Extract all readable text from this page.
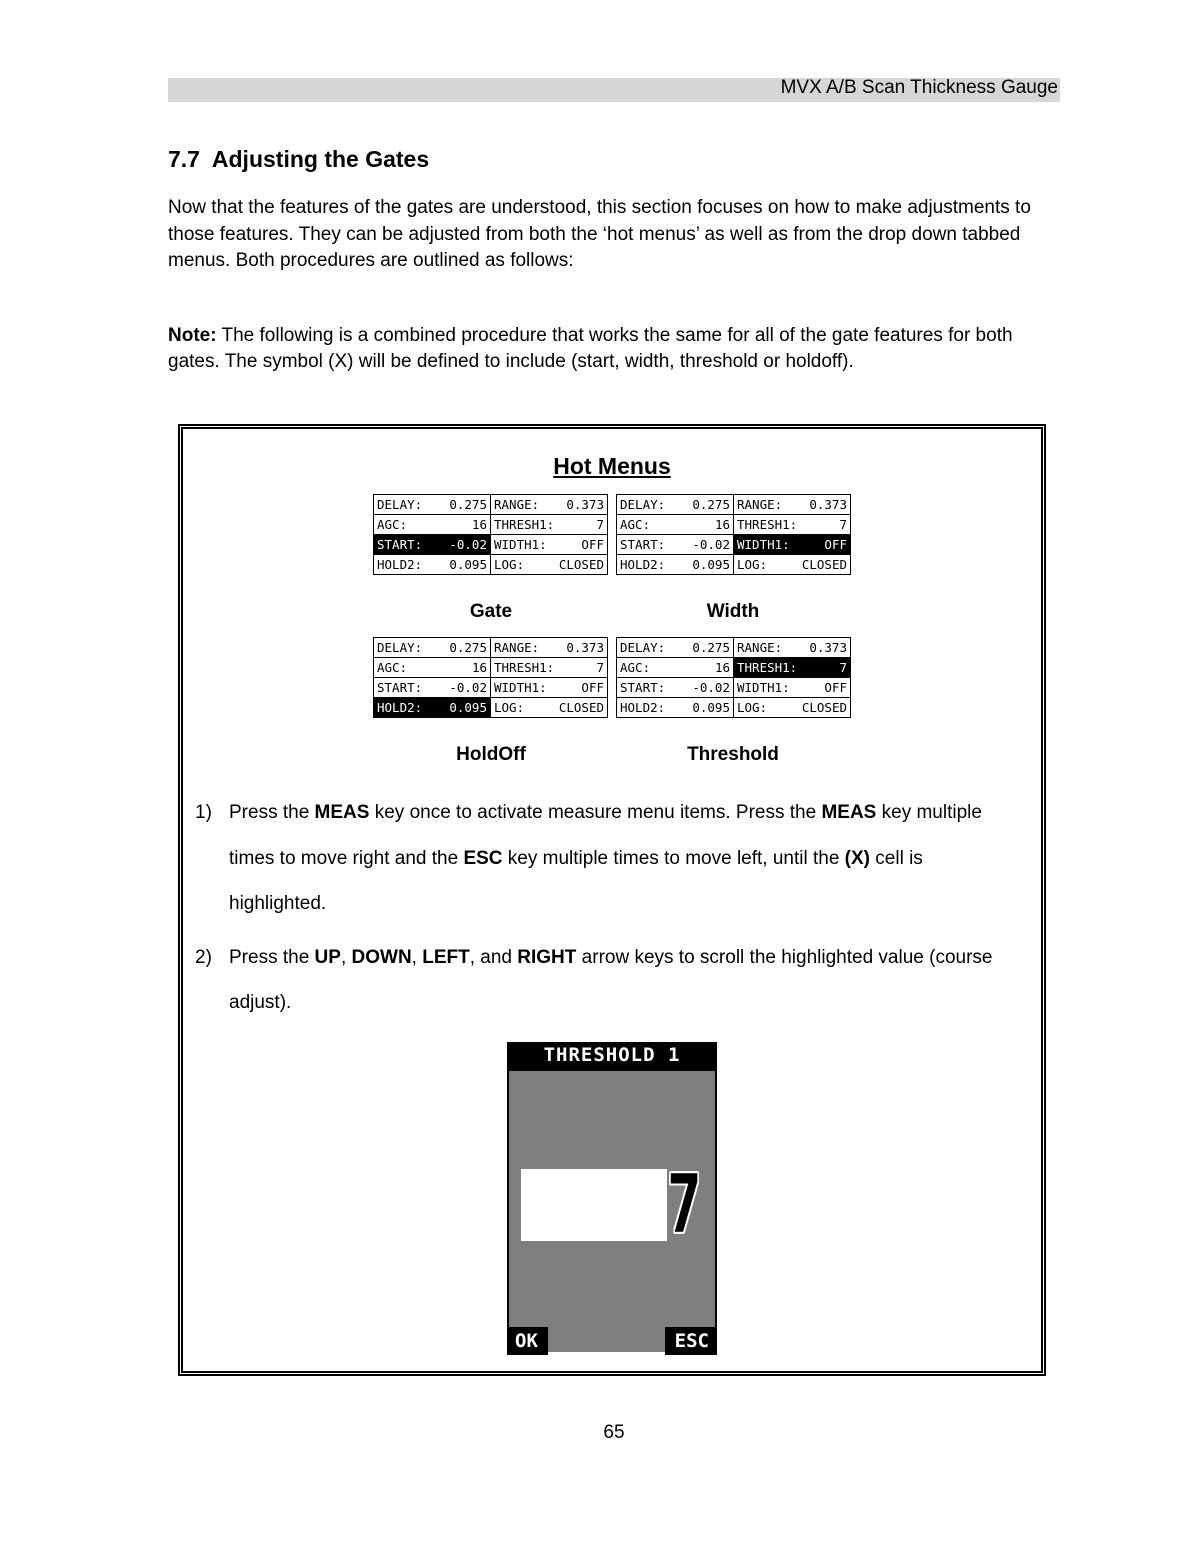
MVX A/B Scan Thickness Gauge
7.7  Adjusting the Gates

Now that the features of the gates are understood, this section focuses on how to make adjustments to those features. They can be adjusted from both the ‘hot menus’ as well as from the drop down tabbed menus. Both procedures are outlined as follows:

Note: The following is a combined procedure that works the same for all of the gate features for both gates. The symbol (X) will be defined to include (start, width, threshold or holdoff).

Hot Menus
DELAY: 0.275 RANGE: 0.373
AGC:	16 THRESH1:	7
START: -0.02 WIDTH1:	OFF
HOLD2: 0.095 LOG:	CLOSED
DELAY: 0.275 RANGE: 0.373
AGC:	16 THRESH1:	7
START: -0.02 WIDTH1:	OFF
HOLD2: 0.095 LOG:	CLOSED
Gate	Width
DELAY: 0.275 RANGE: 0.373
AGC:	16 THRESH1:	7
START: -0.02 WIDTH1:	OFF
HOLD2: 0.095 LOG:	CLOSED
DELAY: 0.275 RANGE: 0.373
AGC:	16 THRESH1:	7
START: -0.02 WIDTH1:	OFF
HOLD2: 0.095 LOG:	CLOSED
HoldOff	Threshold
1) Press the MEAS key once to activate measure menu items. Press the MEAS key multiple times to move right and the ESC key multiple times to move left, until the (X) cell is highlighted.
2) Press the UP, DOWN, LEFT, and RIGHT arrow keys to scroll the highlighted value (course adjust).
THRESHOLD 1
7
OK	ESC
65
